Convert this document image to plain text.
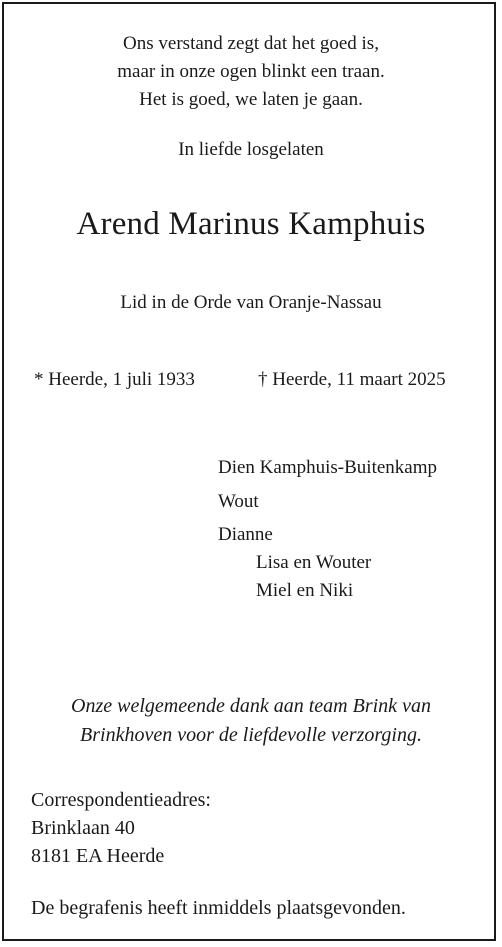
Ons verstand zegt dat het goed is,
maar in onze ogen blinkt een traan.
Het is goed, we laten je gaan.
In liefde losgelaten
Arend Marinus Kamphuis
Lid in de Orde van Oranje-Nassau
* Heerde, 1 juli 1933	† Heerde, 11 maart 2025
Dien Kamphuis-Buitenkamp
Wout
Dianne
Lisa en Wouter
Miel en Niki
Onze welgemeende dank aan team Brink van
Brinkhoven voor de liefdevolle verzorging.
Correspondentieadres:
Brinklaan 40
8181 EA Heerde
De begrafenis heeft inmiddels plaatsgevonden.
